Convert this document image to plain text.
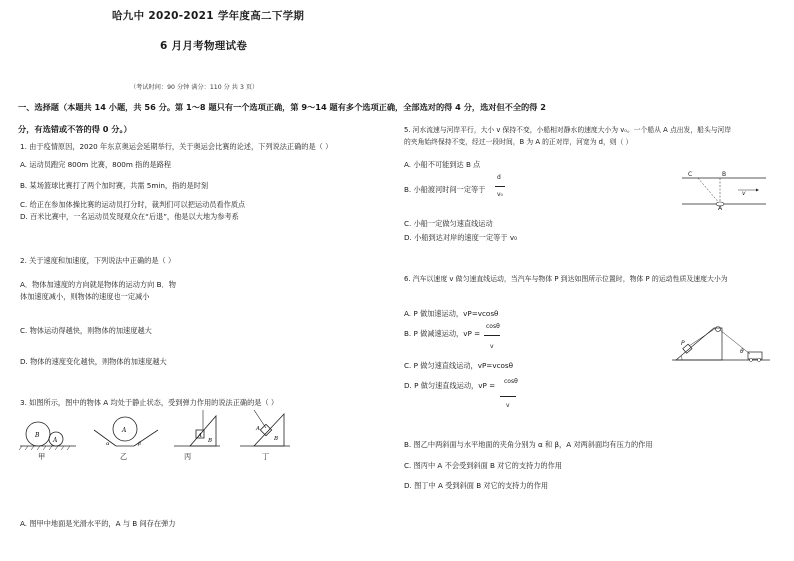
哈九中 2020-2021 学年度高二下学期
6 月月考物理试卷
（考试时间：90 分钟 满分：110 分 共 3 页）
一、选择题（本题共 14 小题，共 56 分。第 1～8 题只有一个选项正确，第 9～14 题有多个选项正确，全部选对的得 4 分，选对但不全的得 2
分，有选错或不答的得 0 分。）
1. 由于疫情原因，2020 年东京奥运会延期举行，关于奥运会比赛的论述，下列说法正确的是（ ）
A. 运动员跑完 800m 比赛，800m 指的是路程
B. 某场篮球比赛打了两个加时赛，共需 5min，指的是时刻
C. 给正在参加体操比赛的运动员打分时，裁判们可以把运动员看作质点
D. 百米比赛中，一名运动员发现观众在“后退”，他是以大地为参考系
2. 关于速度和加速度，下列说法中正确的是（ ）
A．物体加速度的方向就是物体的运动方向 B．物
体加速度减小，则物体的速度也一定减小
C. 物体运动得越快，则物体的加速度越大
D. 物体的速度变化越快，则物体的加速度越大
3. 如图所示，图中的物体 A 均处于静止状态，受到弹力作用的说法正确的是（ ）
B
A
A
α	β
A
B
A
B
甲	乙	丙	丁
A. 图甲中地面是光滑水平的，A 与 B 间存在弹力
5. 河水流速与河岸平行，大小 v 保持不变，小船相对静水的速度大小为 v₀。一个船从 A 点出发，船头与河岸
的夹角始终保持不变，经过一段时间，B 为 A 的正对岸，河宽为 d，则（ ）
A. 小船不可能到达 B 点
B. 小船渡河时间一定等于
d
v₀
C. 小船一定做匀速直线运动
D. 小船到达对岸的速度一定等于 v₀
C	B
A
v
6. 汽车以速度 v 做匀速直线运动，当汽车与物体 P 到达如图所示位置时，物体 P 的运动性质及速度大小为
A. P 做加速运动，vP=vcosθ
B. P 做减速运动，vP =
cosθ
v
C. P 做匀速直线运动，vP=vcosθ
D. P 做匀速直线运动，vP = cosθ
v
P
θ
B. 图乙中两斜面与水平地面的夹角分别为 α 和 β，A 对两斜面均有压力的作用
C. 图丙中 A 不会受到斜面 B 对它的支持力的作用
D. 图丁中 A 受到斜面 B 对它的支持力的作用
